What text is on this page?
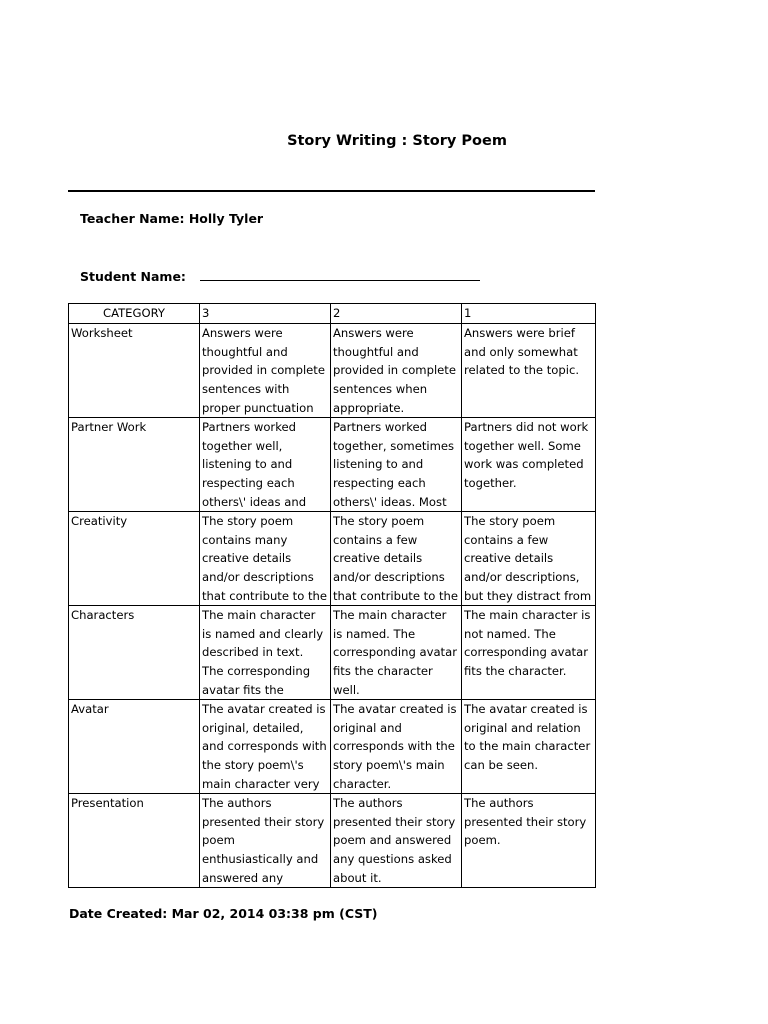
Story Writing : Story Poem
Teacher Name: Holly Tyler
Student Name:
CATEGORY	3	2	1

Worksheet	Answers were thoughtful and provided in complete sentences with proper punctuation	Answers were thoughtful and provided in complete sentences when appropriate.	Answers were brief and only somewhat related to the topic.

Partner Work	Partners worked together well, listening to and respecting each others\' ideas and	Partners worked together, sometimes listening to and respecting each others\' ideas. Most	Partners did not work together well. Some work was completed together.

Creativity	The story poem contains many creative details and/or descriptions that contribute to the	The story poem contains a few creative details and/or descriptions that contribute to the	The story poem contains a few creative details and/or descriptions, but they distract from

Characters	The main character is named and clearly described in text. The corresponding avatar fits the	The main character is named. The corresponding avatar fits the character well.	The main character is not named. The corresponding avatar fits the character.

Avatar	The avatar created is original, detailed, and corresponds with the story poem\'s main character very	The avatar created is original and corresponds with the story poem\'s main character.	The avatar created is original and relation to the main character can be seen.

Presentation	The authors presented their story poem enthusiastically and answered any	The authors presented their story poem and answered any questions asked about it.	The authors presented their story poem.
Date Created: Mar 02, 2014 03:38 pm (CST)
